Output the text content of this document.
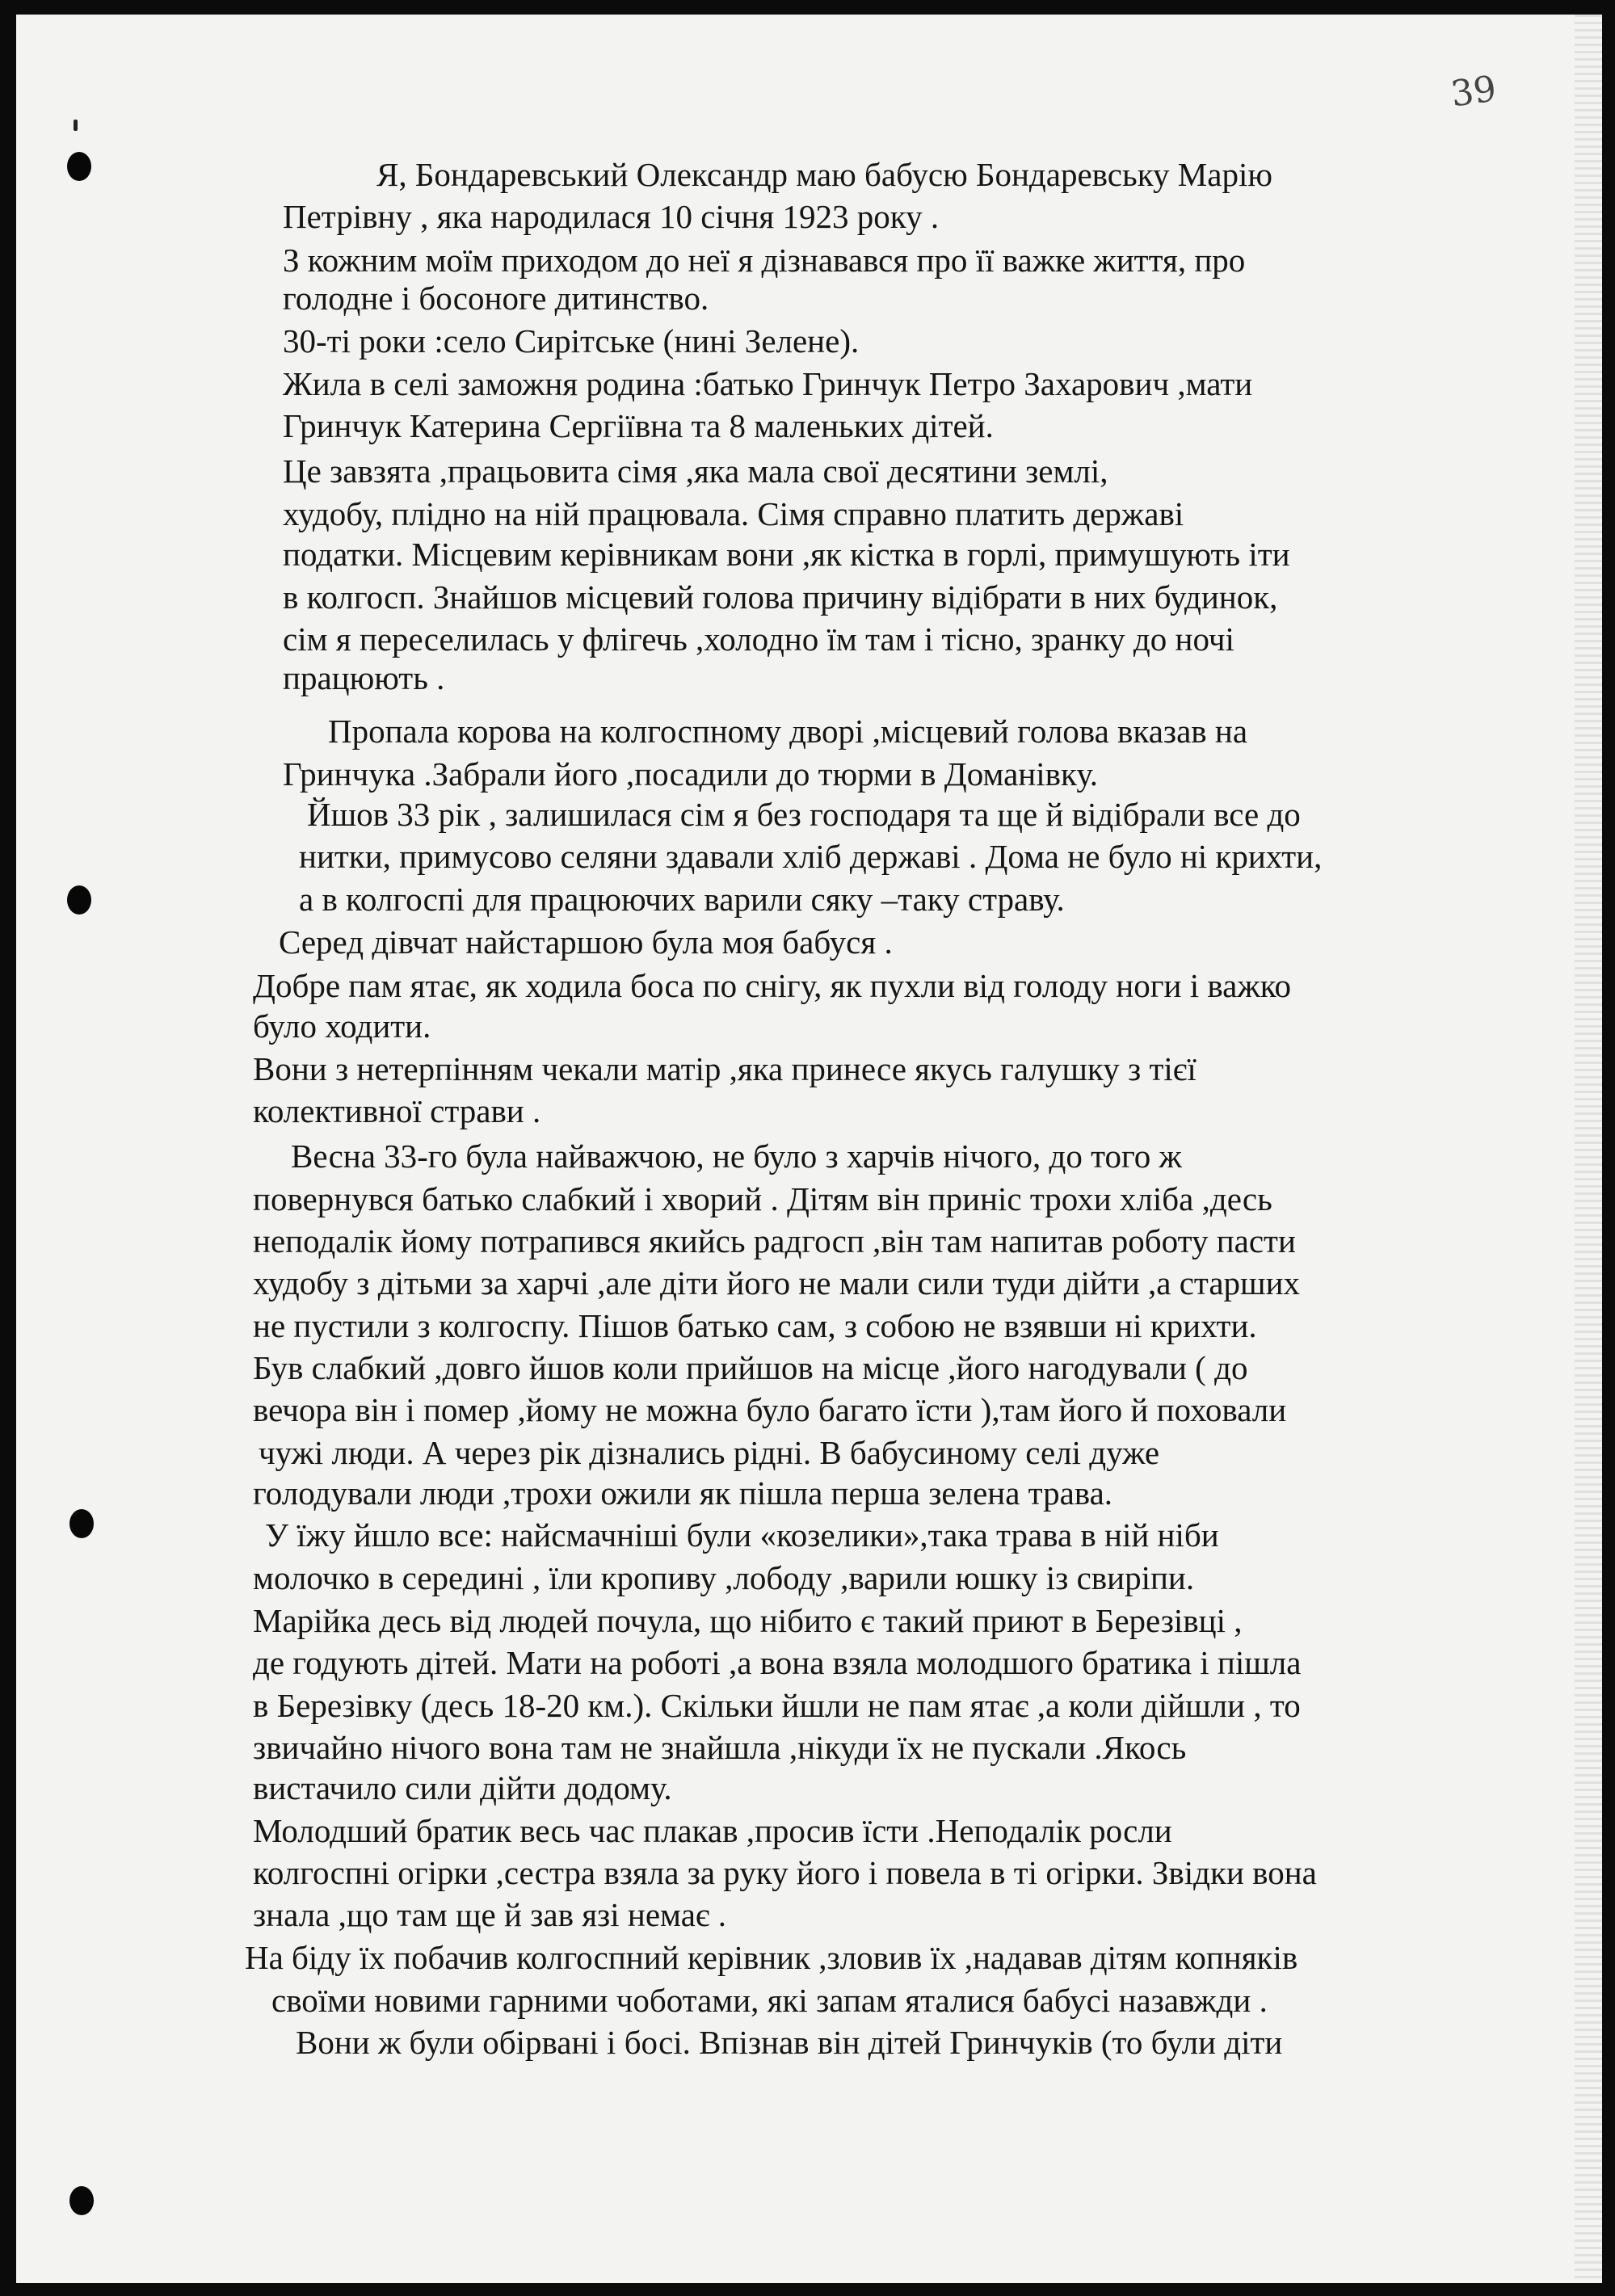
39
Я, Бондаревський Олександр маю бабусю Бондаревську Марію
Петрівну , яка народилася 10 січня 1923 року .
З кожним моїм приходом до неї я дізнавався про її важке життя, про
голодне і босоноге дитинство.
30-ті роки :село Сирітське (нині Зелене).
Жила в селі заможня родина :батько Гринчук Петро Захарович ,мати
Гринчук Катерина Сергіївна та 8 маленьких дітей.
Це завзята ,працьовита сімя ,яка мала свої десятини землі,
худобу, плідно на ній працювала. Сімя справно платить державі
податки. Місцевим керівникам вони ,як кістка в горлі, примушують іти
в колгосп. Знайшов місцевий голова причину відібрати в них будинок,
сім я переселилась у флігечь ,холодно їм там і тісно, зранку до ночі
працюють .
Пропала корова на колгоспному дворі ,місцевий голова вказав на
Гринчука .Забрали його ,посадили до тюрми в Доманівку.
Йшов 33 рік , залишилася сім я без господаря та ще й відібрали все до
нитки, примусово селяни здавали хліб державі . Дома не було ні крихти,
а в колгоспі для працюючих варили сяку –таку страву.
Серед дівчат найстаршою була моя бабуся .
Добре пам ятає, як ходила боса по снігу, як пухли від голоду ноги і важко
було ходити.
Вони з нетерпінням чекали матір ,яка принесе якусь галушку з тієї
колективної страви .
Весна 33-го була найважчою, не було з харчів нічого, до того ж
повернувся батько слабкий і хворий . Дітям він приніс трохи хліба ,десь
неподалік йому потрапився якийсь радгосп ,він там напитав роботу пасти
худобу з дітьми за харчі ,але діти його не мали сили туди дійти ,а старших
не пустили з колгоспу. Пішов батько сам, з собою не взявши ні крихти.
Був слабкий ,довго йшов коли прийшов на місце ,його нагодували ( до
вечора він і помер ,йому не можна було багато їсти ),там його й поховали
чужі люди. А через рік дізнались рідні. В бабусиному селі дуже
голодували люди ,трохи ожили як пішла перша зелена трава.
У їжу йшло все: найсмачніші були «козелики»,така трава в ній ніби
молочко в середині , їли кропиву ,лободу ,варили юшку із свиріпи.
Марійка десь від людей почула, що нібито є такий приют в Березівці ,
де годують дітей. Мати на роботі ,а вона взяла молодшого братика і пішла
в Березівку (десь 18-20 км.). Скільки йшли не пам ятає ,а коли дійшли , то
звичайно нічого вона там не знайшла ,нікуди їх не пускали .Якось
вистачило сили дійти додому.
Молодший братик весь час плакав ,просив їсти .Неподалік росли
колгоспні огірки ,сестра взяла за руку його і повела в ті огірки. Звідки вона
знала ,що там ще й зав язі немає .
На біду їх побачив колгоспний керівник ,зловив їх ,надавав дітям копняків
своїми новими гарними чоботами, які запам яталися бабусі назавжди .
Вони ж були обірвані і босі. Впізнав він дітей Гринчуків (то були діти
